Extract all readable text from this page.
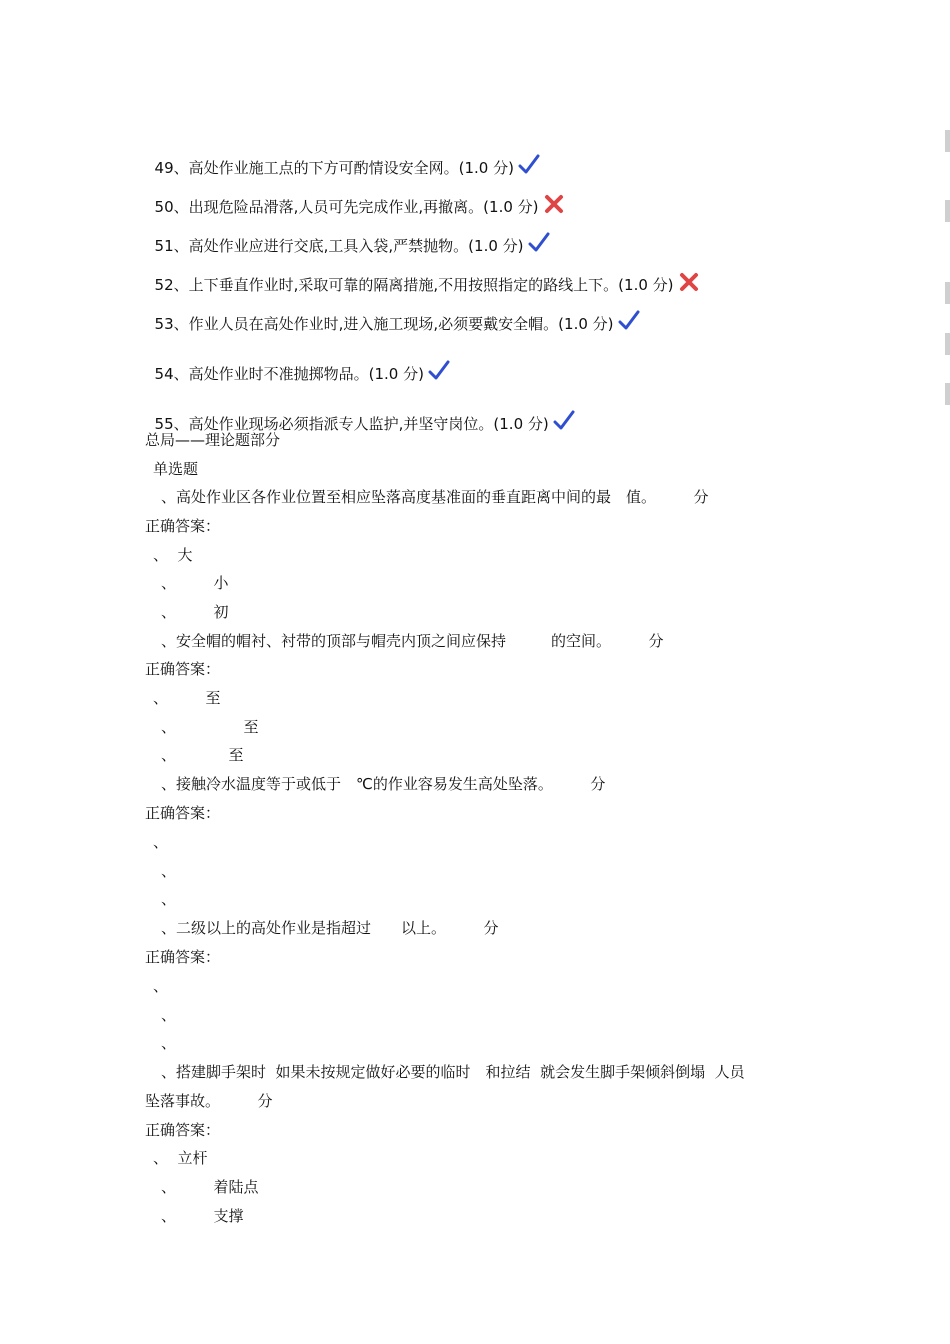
49、高处作业施工点的下方可酌情设安全网。(1.0 分)

50、出现危险品滑落,人员可先完成作业,再撤离。(1.0 分)

51、高处作业应进行交底,工具入袋,严禁抛物。(1.0 分)

52、上下垂直作业时,采取可靠的隔离措施,不用按照指定的路线上下。(1.0 分)

53、作业人员在高处作业时,进入施工现场,必须要戴安全帽。(1.0 分)

54、高处作业时不准抛掷物品。(1.0 分)

55、高处作业现场必须指派专人监护,并坚守岗位。(1.0 分)

总局——理论题部分
单选题
、高处作业区各作业位置至相应坠落高度基准面的垂直距离中间的最　值。　　　分
正确答案：
、  大
、　　　小
、　　　初
、安全帽的帽衬、衬带的顶部与帽壳内顶之间应保持　　　的空间。　　　分
正确答案：
、　　　至
、　　　　　至
、　　　　至
、接触冷水温度等于或低于　℃的作业容易发生高处坠落。　　　分
正确答案：
、
、
、
、二级以上的高处作业是指超过　　以上。　　　分
正确答案：
、
、
、
、搭建脚手架时  如果未按规定做好必要的临时　和拉结  就会发生脚手架倾斜倒塌  人员
坠落事故。　　　分
正确答案：
、  立杆
、　　　着陆点
、　　　支撑
